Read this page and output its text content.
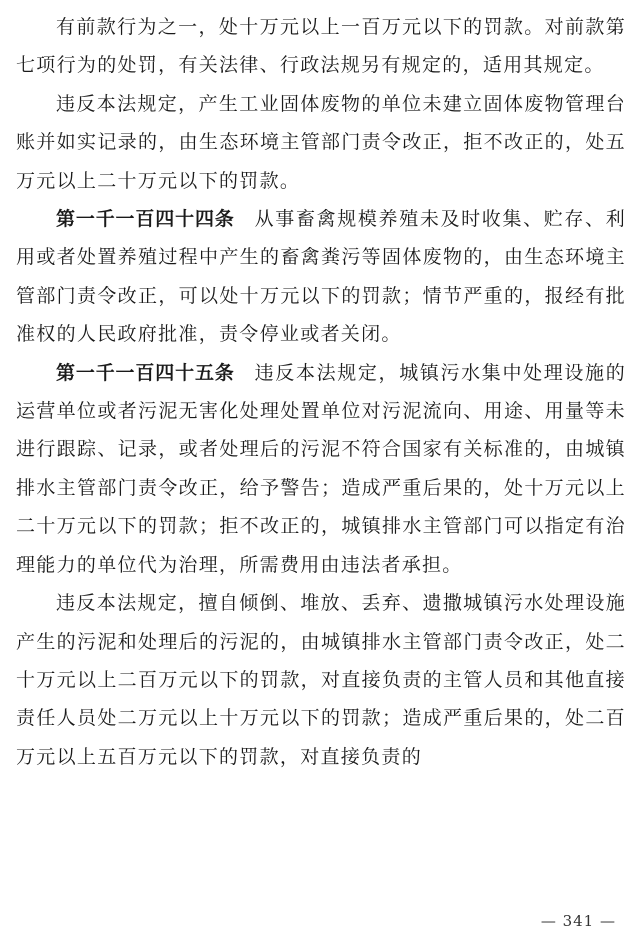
有前款行为之一，处十万元以上一百万元以下的罚款。对前款第七项行为的处罚，有关法律、行政法规另有规定的，适用其规定。

违反本法规定，产生工业固体废物的单位未建立固体废物管理台账并如实记录的，由生态环境主管部门责令改正，拒不改正的，处五万元以上二十万元以下的罚款。

第一千一百四十四条 从事畜禽规模养殖未及时收集、贮存、利用或者处置养殖过程中产生的畜禽粪污等固体废物的，由生态环境主管部门责令改正，可以处十万元以下的罚款；情节严重的，报经有批准权的人民政府批准，责令停业或者关闭。

第一千一百四十五条 违反本法规定，城镇污水集中处理设施的运营单位或者污泥无害化处理处置单位对污泥流向、用途、用量等未进行跟踪、记录，或者处理后的污泥不符合国家有关标准的，由城镇排水主管部门责令改正，给予警告；造成严重后果的，处十万元以上二十万元以下的罚款；拒不改正的，城镇排水主管部门可以指定有治理能力的单位代为治理，所需费用由违法者承担。

违反本法规定，擅自倾倒、堆放、丢弃、遗撒城镇污水处理设施产生的污泥和处理后的污泥的，由城镇排水主管部门责令改正，处二十万元以上二百万元以下的罚款，对直接负责的主管人员和其他直接责任人员处二万元以上十万元以下的罚款；造成严重后果的，处二百万元以上五百万元以下的罚款，对直接负责的

— 341 —
